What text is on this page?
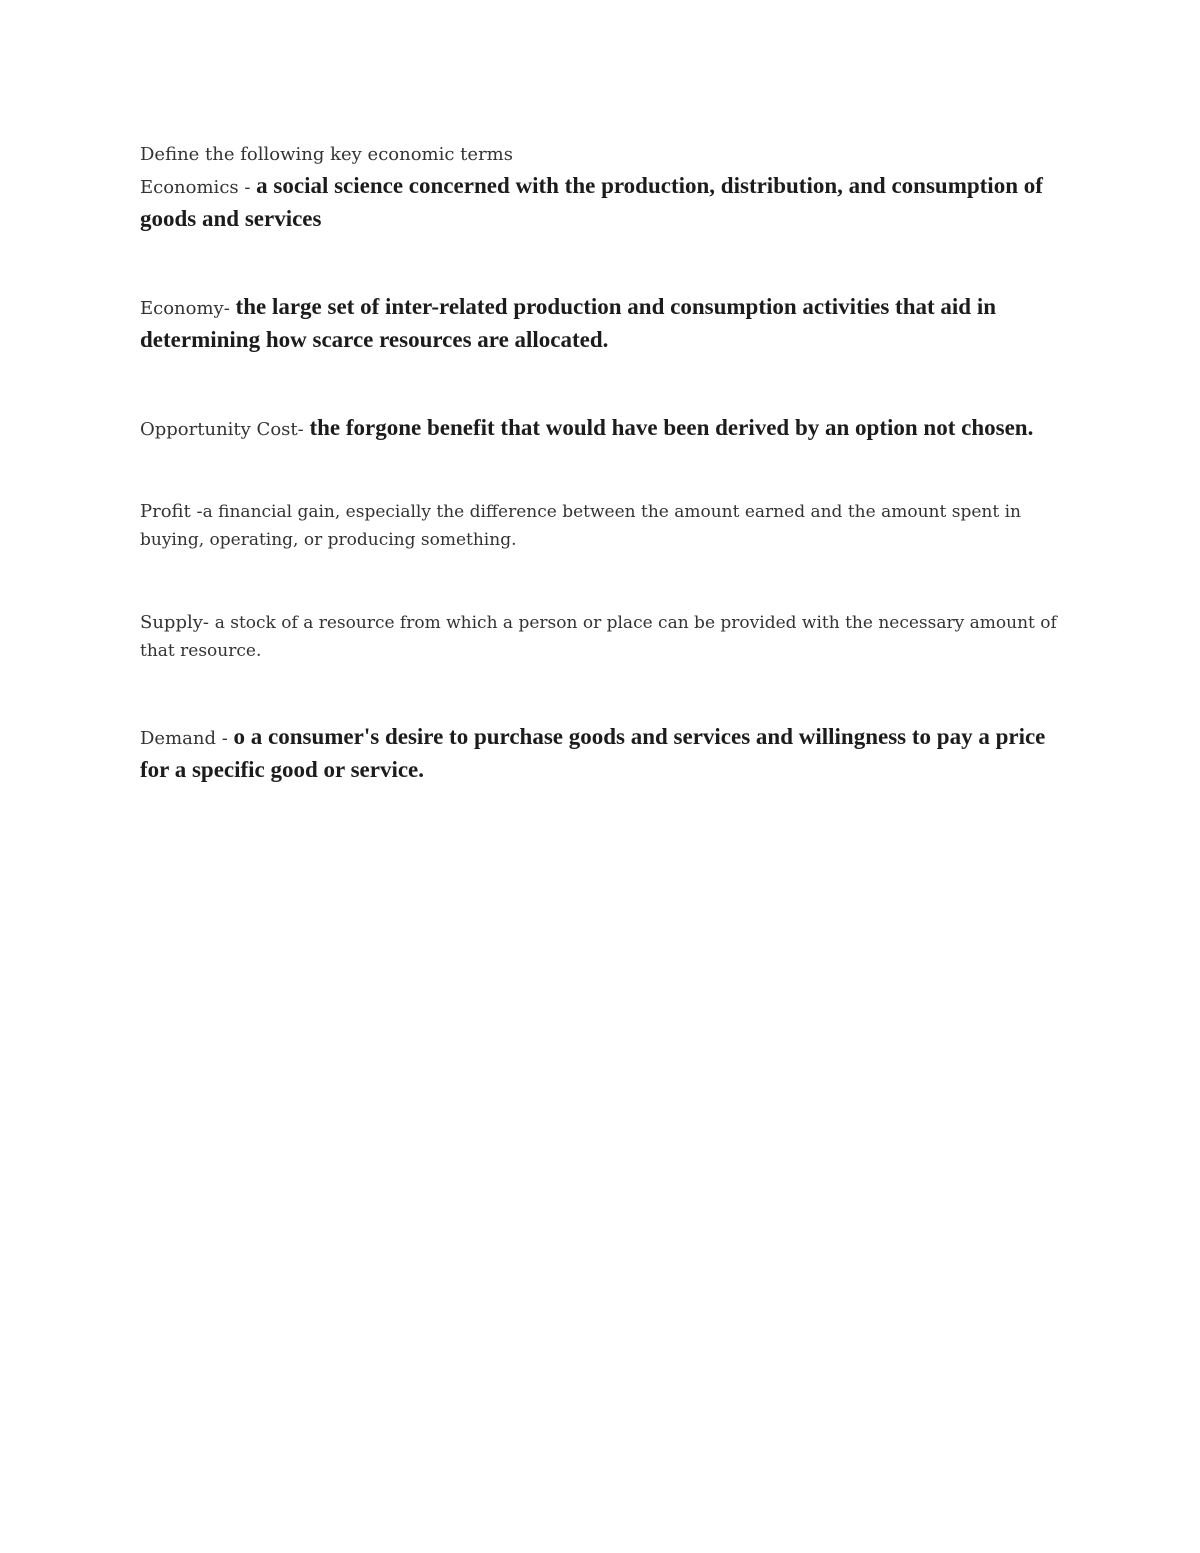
Define the following key economic terms

Economics - a social science concerned with the production, distribution, and consumption of goods and services

Economy- the large set of inter-related production and consumption activities that aid in determining how scarce resources are allocated.

Opportunity Cost- the forgone benefit that would have been derived by an option not chosen.

Profit -a financial gain, especially the difference between the amount earned and the amount spent in buying, operating, or producing something.

Supply- a stock of a resource from which a person or place can be provided with the necessary amount of that resource.

Demand - o a consumer's desire to purchase goods and services and willingness to pay a price for a specific good or service.
